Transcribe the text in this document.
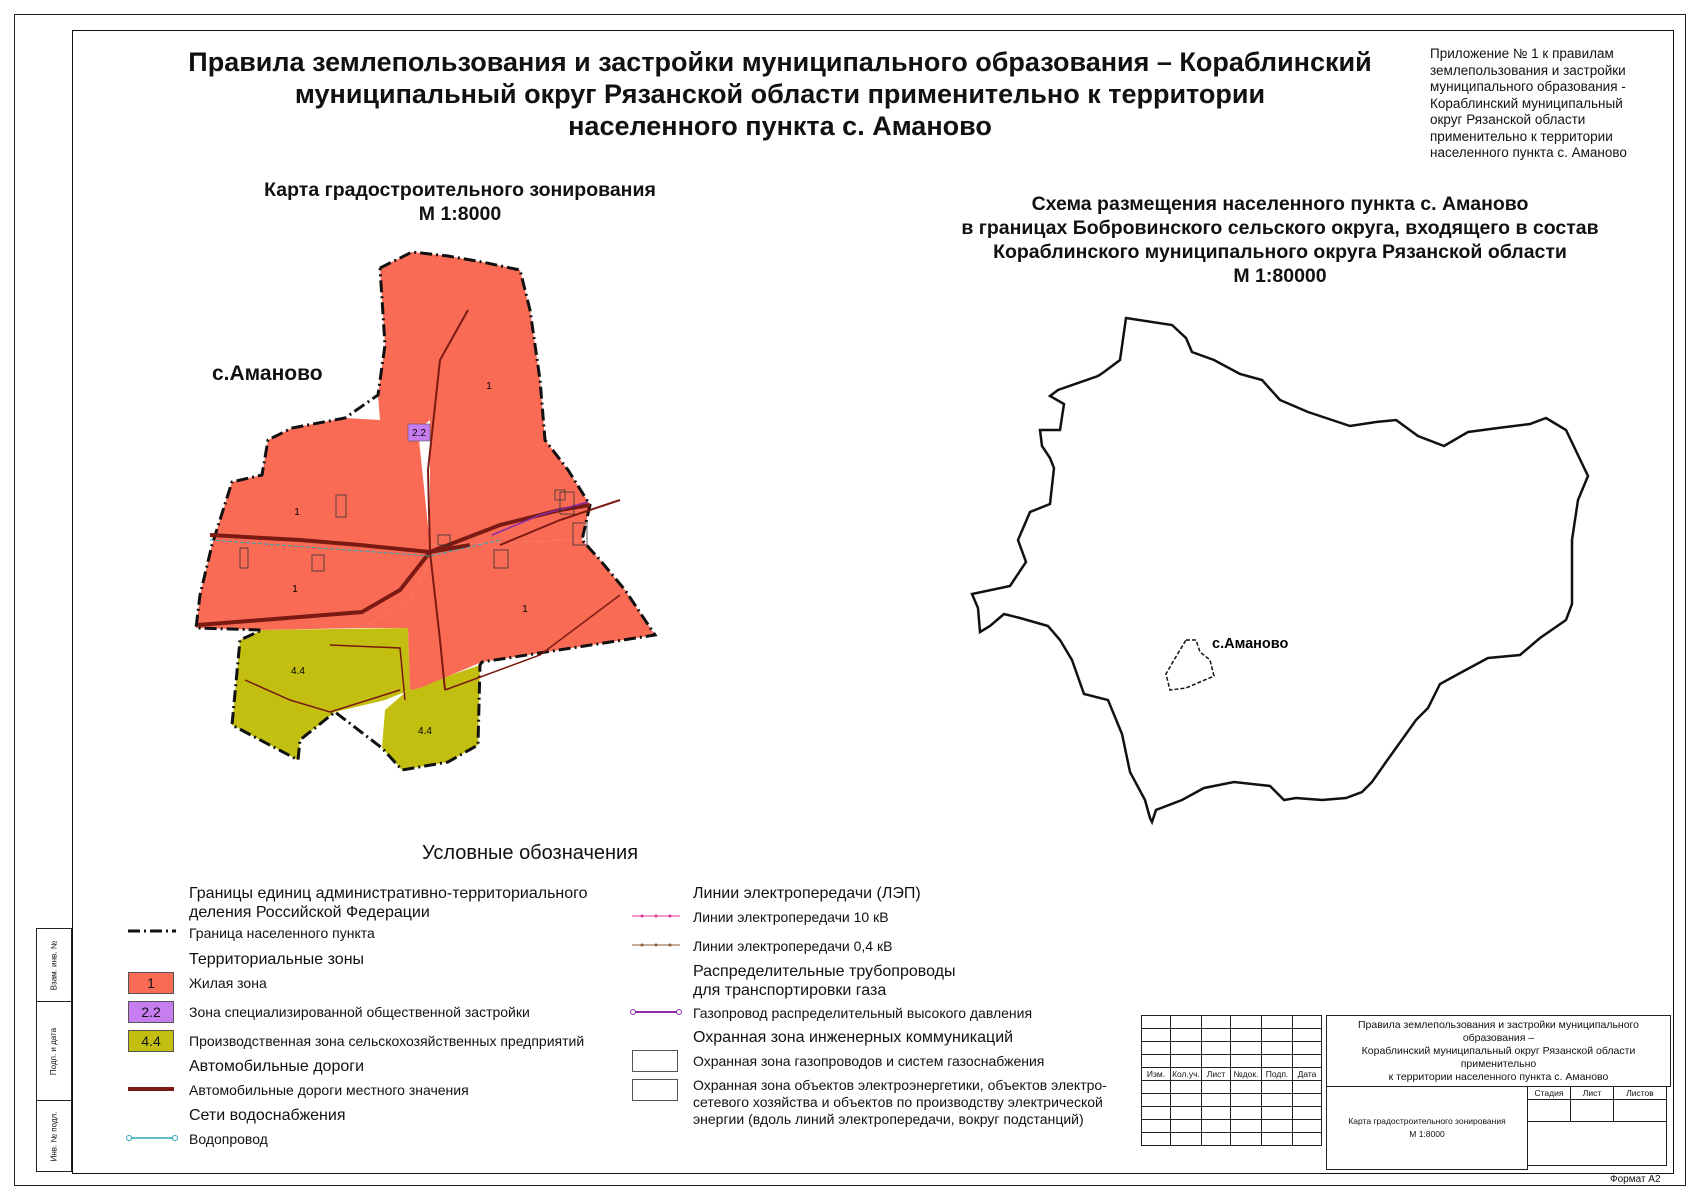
Взам. инв. №
Подп. и дата
Инв. № подл.
Правила землепользования и застройки муниципального образования – Кораблинский
муниципальный округ Рязанской области применительно к территории
населенного пункта с. Аманово
Приложение № 1 к правилам
землепользования и застройки
муниципального образования -
Кораблинский муниципальный
округ Рязанской области
применительно к территории
населенного пункта с. Аманово
Карта градостроительного зонирования
М 1:8000
с.Аманово
1
1
1
1
2.2
4.4
4.4
с.Аманово
Схема размещения населенного пункта с. Аманово
в границах Бобровинского сельского округа, входящего в состав
Кораблинского муниципального округа Рязанской области
М 1:80000
Условные обозначения
Границы единиц административно-территориального деления Российской Федерации
Граница населенного пункта
Территориальные зоны
1	Жилая зона
2.2	Зона специализированной общественной застройки
4.4	Производственная зона сельскохозяйственных предприятий
Автомобильные дороги
Автомобильные дороги местного значения
Сети водоснабжения
Водопровод
Линии электропередачи (ЛЭП)
Линии электропередачи 10 кВ
Линии электропередачи 0,4 кВ
Распределительные трубопроводы
для транспортировки газа
Газопровод распределительный высокого давления
Охранная зона инженерных коммуникаций
Охранная зона газопроводов и систем газоснабжения
Охранная зона объектов электроэнергетики, объектов электро-
сетевого хозяйства и объектов по производству электрической
энергии (вдоль линий электропередачи, вокруг подстанций)

Изм.	Кол.уч.	Лист	№док.	Подп.	Дата

Правила землепользования и застройки муниципального образования –
Кораблинский муниципальный округ Рязанской области применительно
к территории населенного пункта с. Аманово
Карта градостроительного зонирования
М 1:8000
Стадия	Лист	Листов

Формат А2
